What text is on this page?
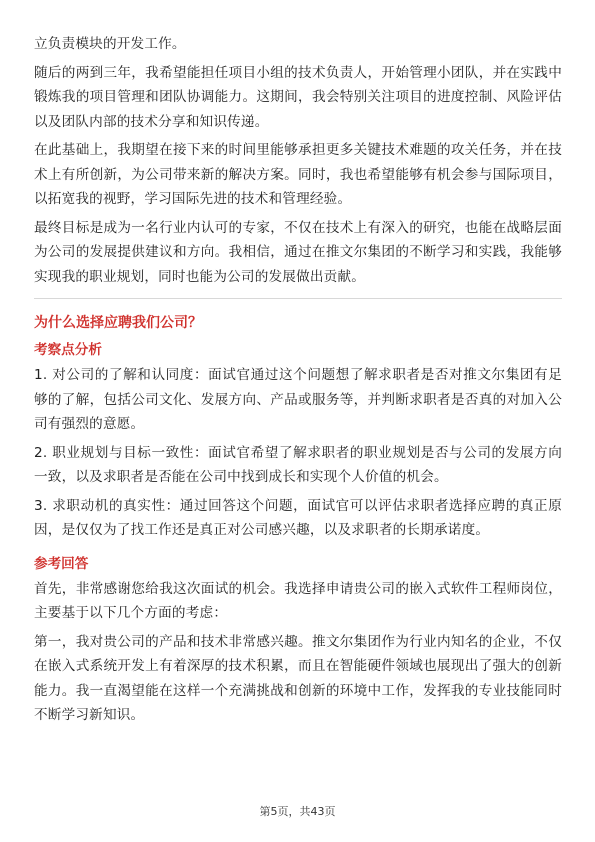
立负责模块的开发工作。

随后的两到三年，我希望能担任项目小组的技术负责人，开始管理小团队，并在实践中锻炼我的项目管理和团队协调能力。这期间，我会特别关注项目的进度控制、风险评估以及团队内部的技术分享和知识传递。

在此基础上，我期望在接下来的时间里能够承担更多关键技术难题的攻关任务，并在技术上有所创新，为公司带来新的解决方案。同时，我也希望能够有机会参与国际项目，以拓宽我的视野，学习国际先进的技术和管理经验。

最终目标是成为一名行业内认可的专家，不仅在技术上有深入的研究，也能在战略层面为公司的发展提供建议和方向。我相信，通过在推文尔集团的不断学习和实践，我能够实现我的职业规划，同时也能为公司的发展做出贡献。

为什么选择应聘我们公司？
考察点分析

1. 对公司的了解和认同度：面试官通过这个问题想了解求职者是否对推文尔集团有足够的了解，包括公司文化、发展方向、产品或服务等，并判断求职者是否真的对加入公司有强烈的意愿。

2. 职业规划与目标一致性：面试官希望了解求职者的职业规划是否与公司的发展方向一致，以及求职者是否能在公司中找到成长和实现个人价值的机会。

3. 求职动机的真实性：通过回答这个问题，面试官可以评估求职者选择应聘的真正原因，是仅仅为了找工作还是真正对公司感兴趣，以及求职者的长期承诺度。

参考回答

首先，非常感谢您给我这次面试的机会。我选择申请贵公司的嵌入式软件工程师岗位，主要基于以下几个方面的考虑：

第一，我对贵公司的产品和技术非常感兴趣。推文尔集团作为行业内知名的企业，不仅在嵌入式系统开发上有着深厚的技术积累，而且在智能硬件领域也展现出了强大的创新能力。我一直渴望能在这样一个充满挑战和创新的环境中工作，发挥我的专业技能同时不断学习新知识。

第5页，共43页
